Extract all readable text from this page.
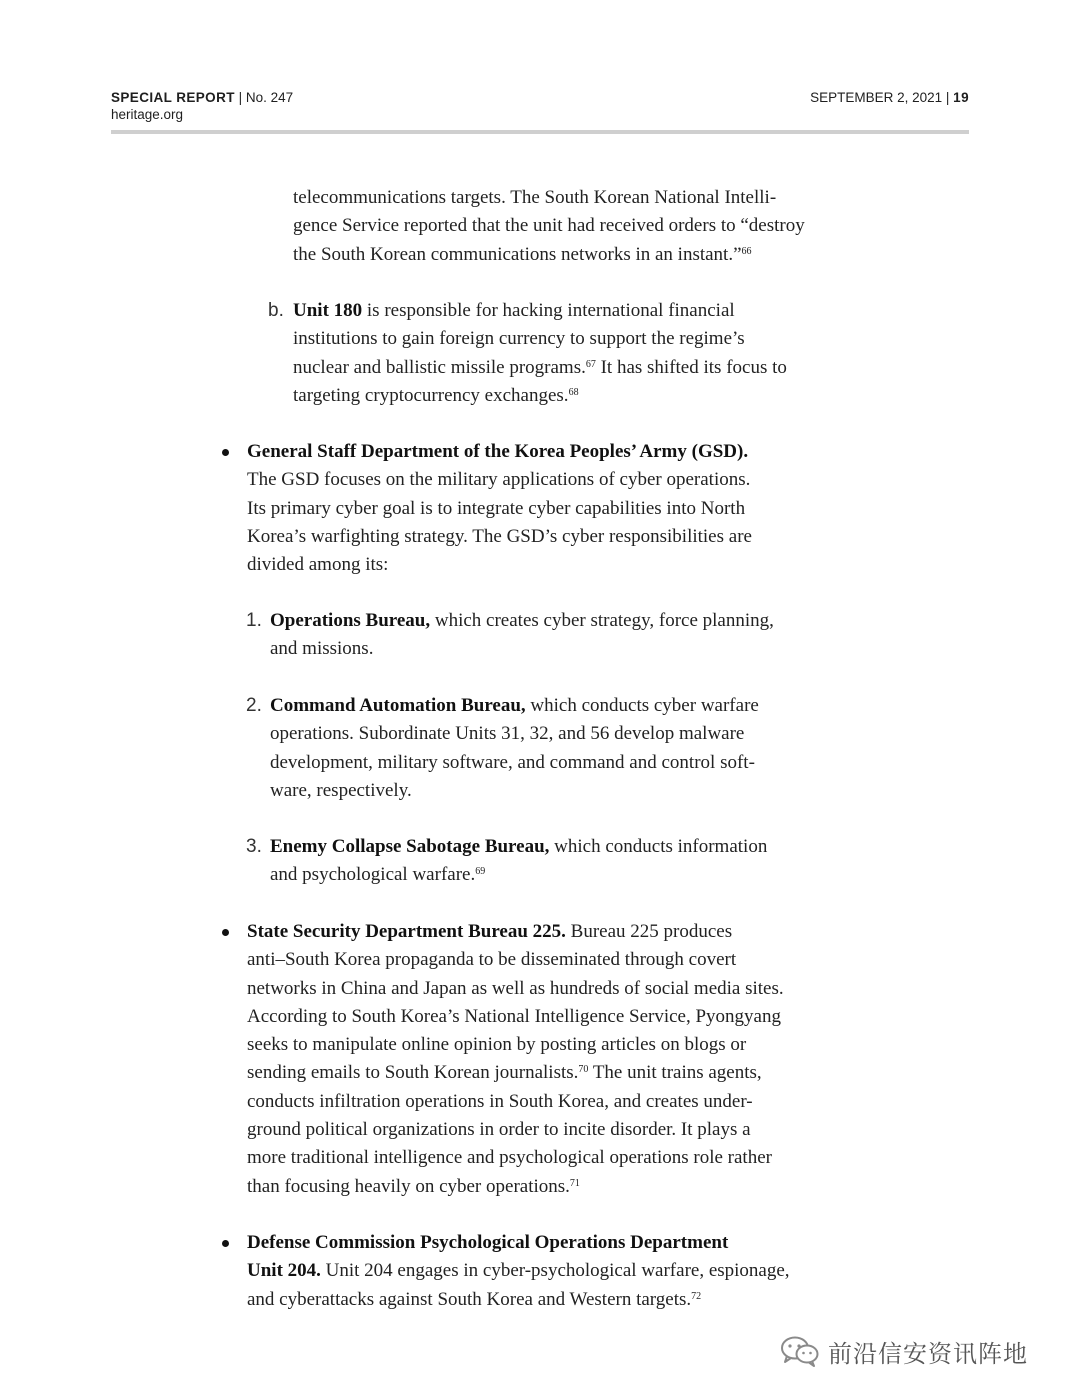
SPECIAL REPORT | No. 247
heritage.org
SEPTEMBER 2, 2021 | 19
telecommunications targets. The South Korean National Intelli-
gence Service reported that the unit had received orders to “destroy
the South Korean communications networks in an instant.”$^{66}$
b. Unit 180 is responsible for hacking international financial
institutions to gain foreign currency to support the regime’s
nuclear and ballistic missile programs.$^{67}$ It has shifted its focus to
targeting cryptocurrency exchanges.$^{68}$
General Staff Department of the Korea Peoples’ Army (GSD).
The GSD focuses on the military applications of cyber operations.
Its primary cyber goal is to integrate cyber capabilities into North
Korea’s warfighting strategy. The GSD’s cyber responsibilities are
divided among its:
1. Operations Bureau, which creates cyber strategy, force planning,
and missions.
2. Command Automation Bureau, which conducts cyber warfare
operations. Subordinate Units 31, 32, and 56 develop malware
development, military software, and command and control soft-
ware, respectively.
3. Enemy Collapse Sabotage Bureau, which conducts information
and psychological warfare.$^{69}$
State Security Department Bureau 225. Bureau 225 produces
anti–South Korea propaganda to be disseminated through covert
networks in China and Japan as well as hundreds of social media sites.
According to South Korea’s National Intelligence Service, Pyongyang
seeks to manipulate online opinion by posting articles on blogs or
sending emails to South Korean journalists.$^{70}$ The unit trains agents,
conducts infiltration operations in South Korea, and creates under-
ground political organizations in order to incite disorder. It plays a
more traditional intelligence and psychological operations role rather
than focusing heavily on cyber operations.$^{71}$
Defense Commission Psychological Operations Department
Unit 204. Unit 204 engages in cyber-psychological warfare, espionage,
and cyberattacks against South Korea and Western targets.$^{72}$
前沿信安资讯阵地
